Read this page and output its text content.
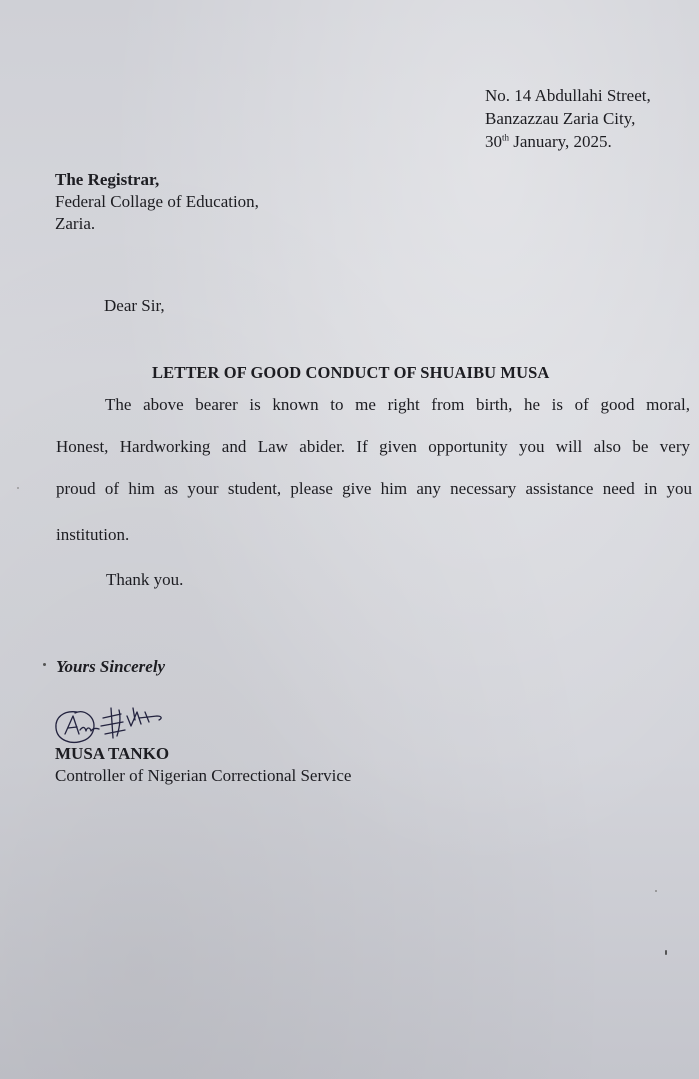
No. 14 Abdullahi Street,
Banzazzau Zaria City,
30th January, 2025.
The Registrar,
Federal Collage of Education,
Zaria.
Dear Sir,
LETTER OF GOOD CONDUCT OF SHUAIBU MUSA
The above bearer is known to me right from birth, he is of good moral,
Honest, Hardworking and Law abider. If given opportunity you will also be very
proud of him as your student, please give him any necessary assistance need in you
institution.
Thank you.
Yours Sincerely
MUSA TANKO
Controller of Nigerian Correctional Service
